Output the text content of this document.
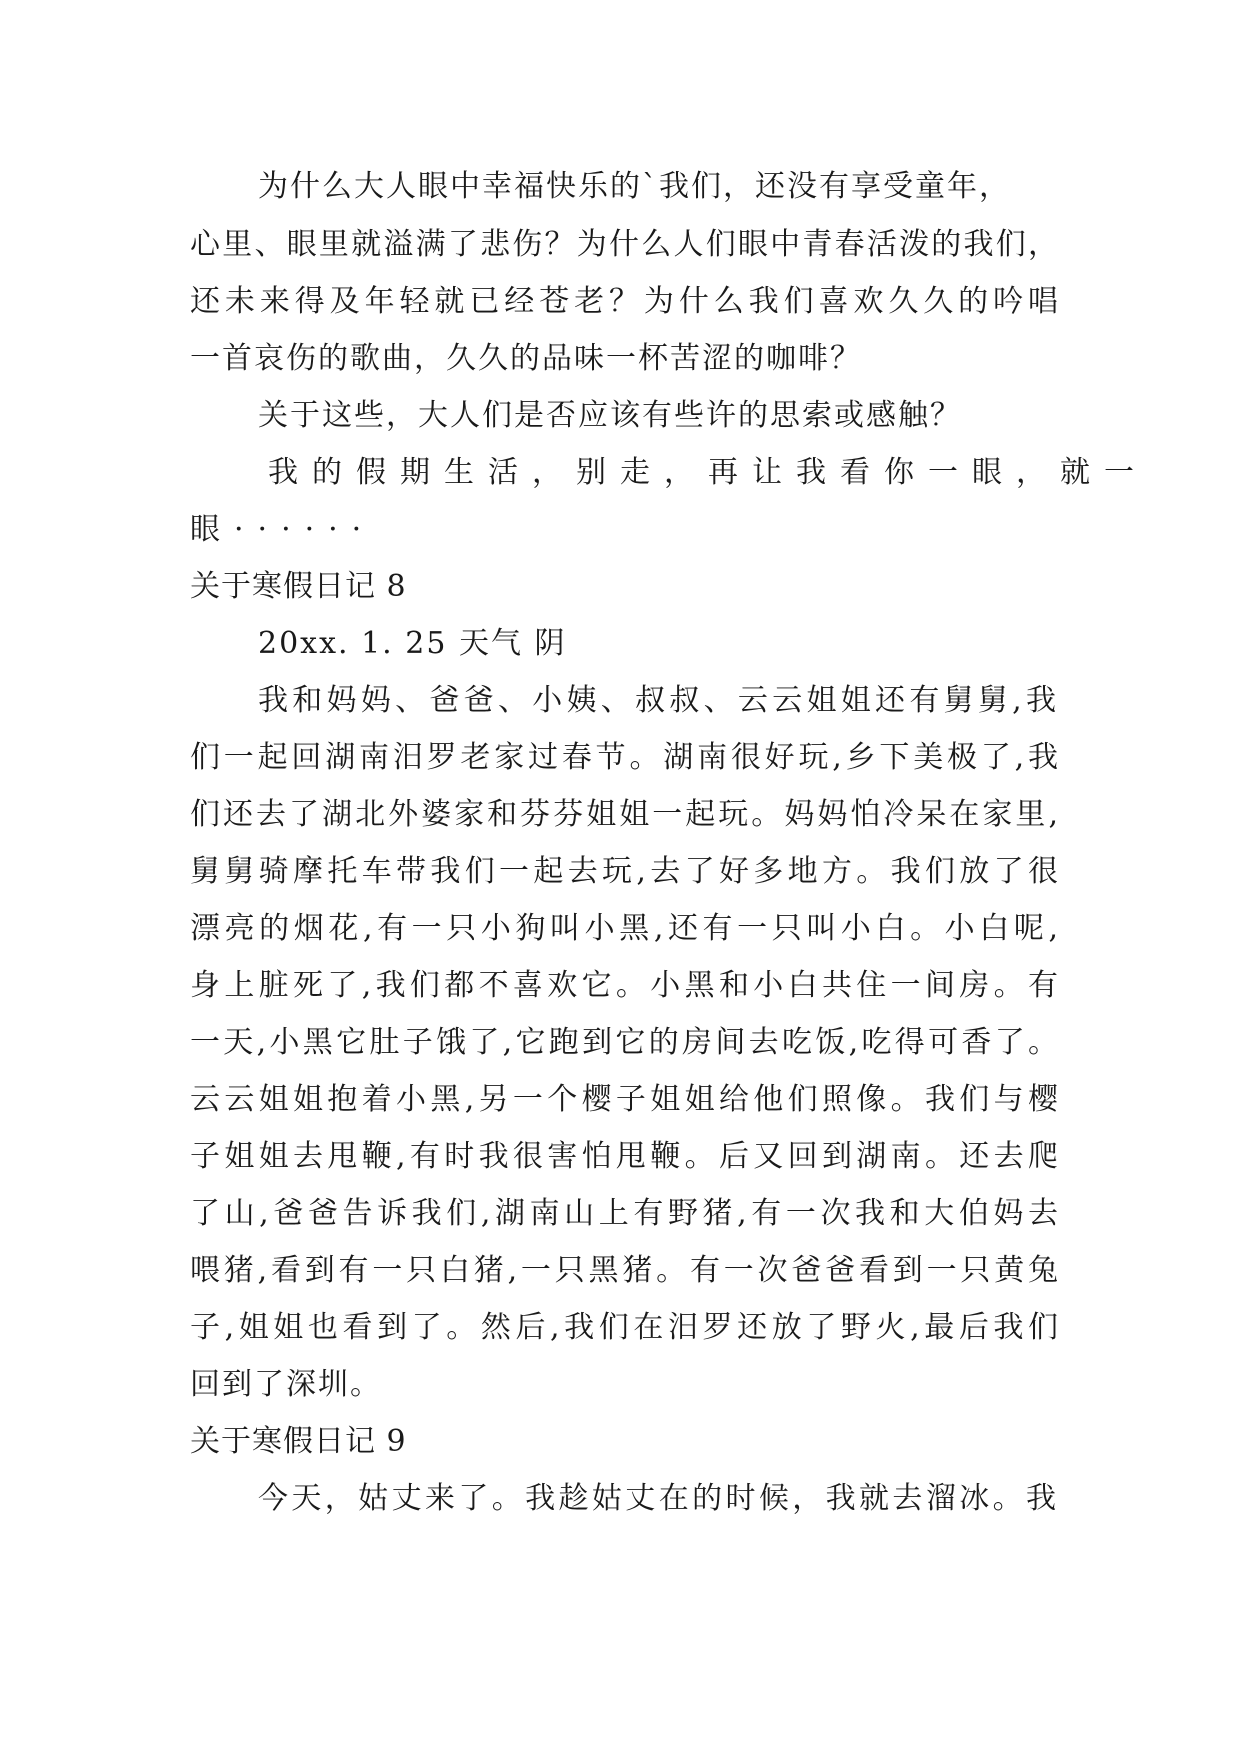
为什么大人眼中幸福快乐的`我们，还没有享受童年，
心里、眼里就溢满了悲伤？为什么人们眼中青春活泼的我们，
还未来得及年轻就已经苍老？为什么我们喜欢久久的吟唱
一首哀伤的歌曲，久久的品味一杯苦涩的咖啡？
关于这些，大人们是否应该有些许的思索或感触？
我的假期生活，别走，再让我看你一眼，就一
眼······
关于寒假日记 8
20xx. 1. 25 天气 阴
我和妈妈、爸爸、小姨、叔叔、云云姐姐还有舅舅,我
们一起回湖南汨罗老家过春节。湖南很好玩,乡下美极了,我
们还去了湖北外婆家和芬芬姐姐一起玩。妈妈怕冷呆在家里,
舅舅骑摩托车带我们一起去玩,去了好多地方。我们放了很
漂亮的烟花,有一只小狗叫小黑,还有一只叫小白。小白呢,
身上脏死了,我们都不喜欢它。小黑和小白共住一间房。有
一天,小黑它肚子饿了,它跑到它的房间去吃饭,吃得可香了。
云云姐姐抱着小黑,另一个樱子姐姐给他们照像。我们与樱
子姐姐去甩鞭,有时我很害怕甩鞭。后又回到湖南。还去爬
了山,爸爸告诉我们,湖南山上有野猪,有一次我和大伯妈去
喂猪,看到有一只白猪,一只黑猪。有一次爸爸看到一只黄兔
子,姐姐也看到了。然后,我们在汨罗还放了野火,最后我们
回到了深圳。
关于寒假日记 9
今天，姑丈来了。我趁姑丈在的时候，我就去溜冰。我
